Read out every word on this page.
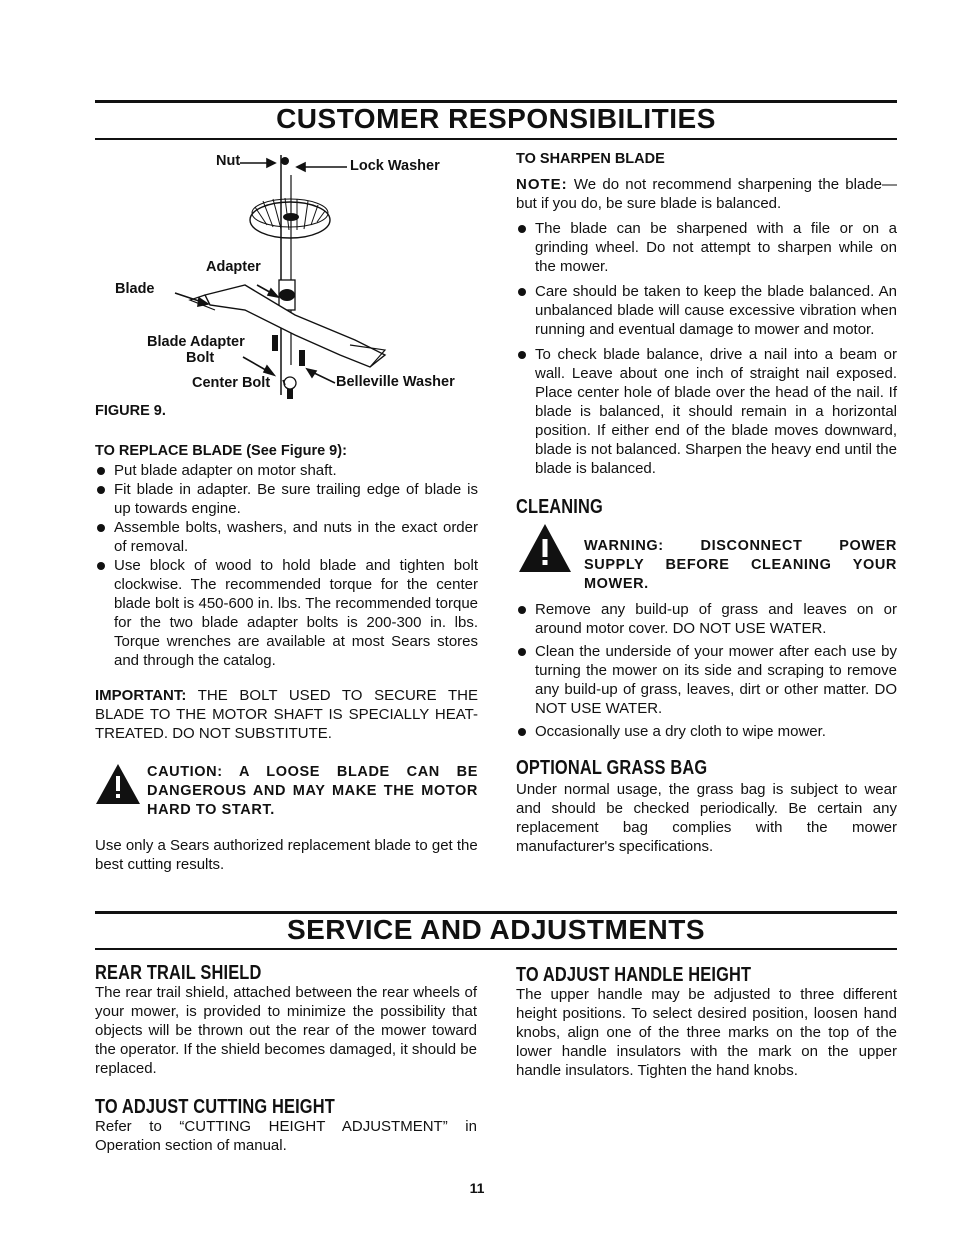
CUSTOMER RESPONSIBILITIES
Nut	Lock Washer
Adapter
Blade
Blade Adapter
Bolt
Center Bolt	Belleville Washer
FIGURE 9.

TO REPLACE BLADE (See Figure 9):

Put blade adapter on motor shaft.
Fit blade in adapter. Be sure trailing edge of blade is up towards engine.
Assemble bolts, washers, and nuts in the exact order of removal.
Use block of wood to hold blade and tighten bolt clockwise. The recommended torque for the center blade bolt is 450-600 in. lbs. The recommended torque for the two blade adapter bolts is 200-300 in. lbs. Torque wrenches are available at most Sears stores and through the catalog.

IMPORTANT: THE BOLT USED TO SECURE THE BLADE TO THE MOTOR SHAFT IS SPECIALLY HEAT-TREATED. DO NOT SUBSTITUTE.

CAUTION: A LOOSE BLADE CAN BE DANGEROUS AND MAY MAKE THE MOTOR HARD TO START.

Use only a Sears authorized replacement blade to get the best cutting results.

TO SHARPEN BLADE

NOTE: We do not recommend sharpening the blade—but if you do, be sure blade is balanced.

The blade can be sharpened with a file or on a grinding wheel. Do not attempt to sharpen while on the mower.
Care should be taken to keep the blade balanced. An unbalanced blade will cause excessive vibration when running and eventual damage to mower and motor.
To check blade balance, drive a nail into a beam or wall. Leave about one inch of straight nail exposed. Place center hole of blade over the head of the nail. If blade is balanced, it should remain in a horizontal position. If either end of the blade moves downward, blade is not balanced. Sharpen the heavy end until the blade is balanced.

CLEANING

WARNING: DISCONNECT POWER SUPPLY BEFORE CLEANING YOUR MOWER.

Remove any build-up of grass and leaves on or around motor cover. DO NOT USE WATER.
Clean the underside of your mower after each use by turning the mower on its side and scraping to remove any build-up of grass, leaves, dirt or other matter. DO NOT USE WATER.
Occasionally use a dry cloth to wipe mower.

OPTIONAL GRASS BAG

Under normal usage, the grass bag is subject to wear and should be checked periodically. Be certain any replacement bag complies with the mower manufacturer's specifications.

SERVICE AND ADJUSTMENTS

REAR TRAIL SHIELD

The rear trail shield, attached between the rear wheels of your mower, is provided to minimize the possibility that objects will be thrown out the rear of the mower toward the operator. If the shield becomes damaged, it should be replaced.

TO ADJUST CUTTING HEIGHT

Refer to “CUTTING HEIGHT ADJUSTMENT” in Operation section of manual.

TO ADJUST HANDLE HEIGHT

The upper handle may be adjusted to three different height positions. To select desired position, loosen hand knobs, align one of the three marks on the top of the lower handle insulators with the mark on the upper handle insulators. Tighten the hand knobs.

11
